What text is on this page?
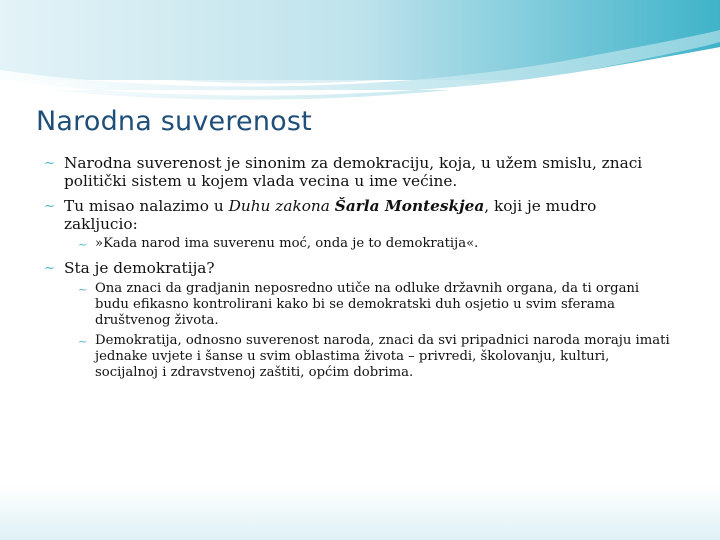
Narodna suverenost
~ Narodna suverenost je sinonim za demokraciju, koja, u užem smislu, znaci politički sistem u kojem vlada vecina u ime većine.
~ Tu misao nalazimo u Duhu zakona Šarla Monteskjea, koji je mudro zakljucio:
~ »Kada narod ima suverenu moć, onda je to demokratija«.
~ Sta je demokratija?
~ Ona znaci da gradjanin neposredno utiče na odluke državnih organa, da ti organi budu efikasno kontrolirani kako bi se demokratski duh osjetio u svim sferama društvenog života.
~ Demokratija, odnosno suverenost naroda, znaci da svi pripadnici naroda moraju imati jednake uvjete i šanse u svim oblastima života – privredi, školovanju, kulturi, socijalnoj i zdravstvenoj zaštiti, općim dobrima.
